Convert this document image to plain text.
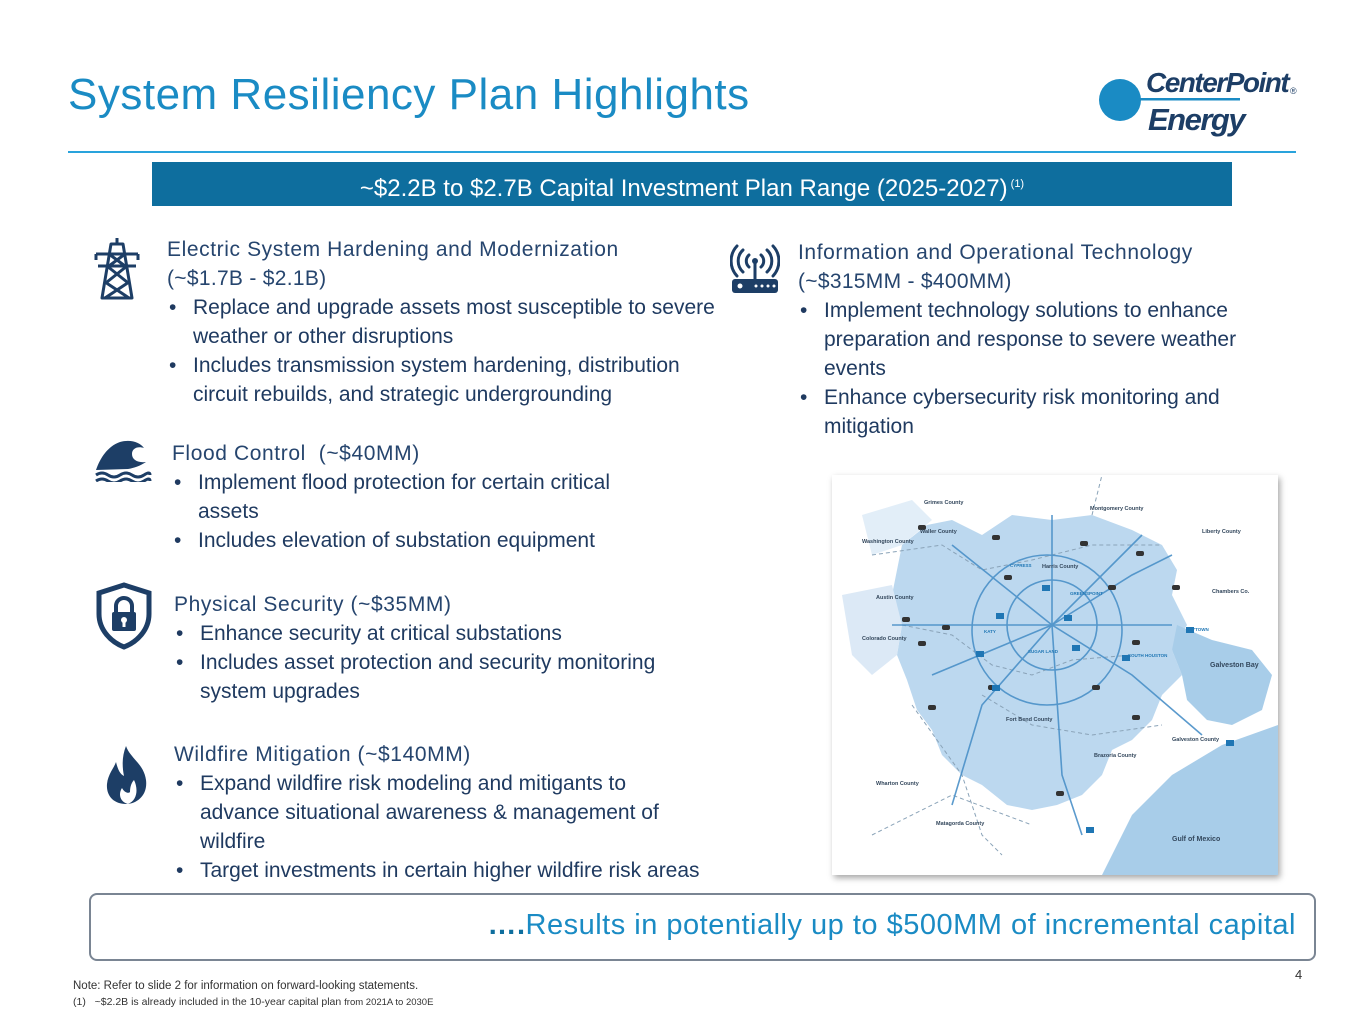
System Resiliency Plan Highlights	CenterPoint ®
Energy
~$2.2B to $2.7B Capital Investment Plan Range (2025-2027) $^{(1)}$
Electric System Hardening and Modernization
(~$1.7B - $2.1B)
• Replace and upgrade assets most susceptible to severe weather or other disruptions
• Includes transmission system hardening, distribution circuit rebuilds, and strategic undergrounding
Flood Control  (~$40MM)
• Implement flood protection for certain critical assets
• Includes elevation of substation equipment
Physical Security (~$35MM)
• Enhance security at critical substations
• Includes asset protection and security monitoring system upgrades
Wildfire Mitigation (~$140MM)
• Expand wildfire risk modeling and mitigants to advance situational awareness & management of wildfire
• Target investments in certain higher wildfire risk areas
Information and Operational Technology
(~$315MM - $400MM)
• Implement technology solutions to enhance preparation and response to severe weather events
• Enhance cybersecurity risk monitoring and mitigation
Grimes County
Montgomery County
Liberty County
Washington County
Waller County
Austin County
Harris County
Chambers Co.
Colorado County
Fort Bend County
Galveston County
Brazoria County
Wharton County
Matagorda County
KATY
SUGAR LAND
BAYTOWN
SOUTH HOUSTON
GREENSPOINT
CYPRESS
Galveston Bay
Gulf of Mexico
….Results in potentially up to $500MM of incremental capital
4
Note: Refer to slide 2 for information on forward-looking statements.
(1) ~$2.2B is already included in the 10-year capital plan from 2021A to 2030E
